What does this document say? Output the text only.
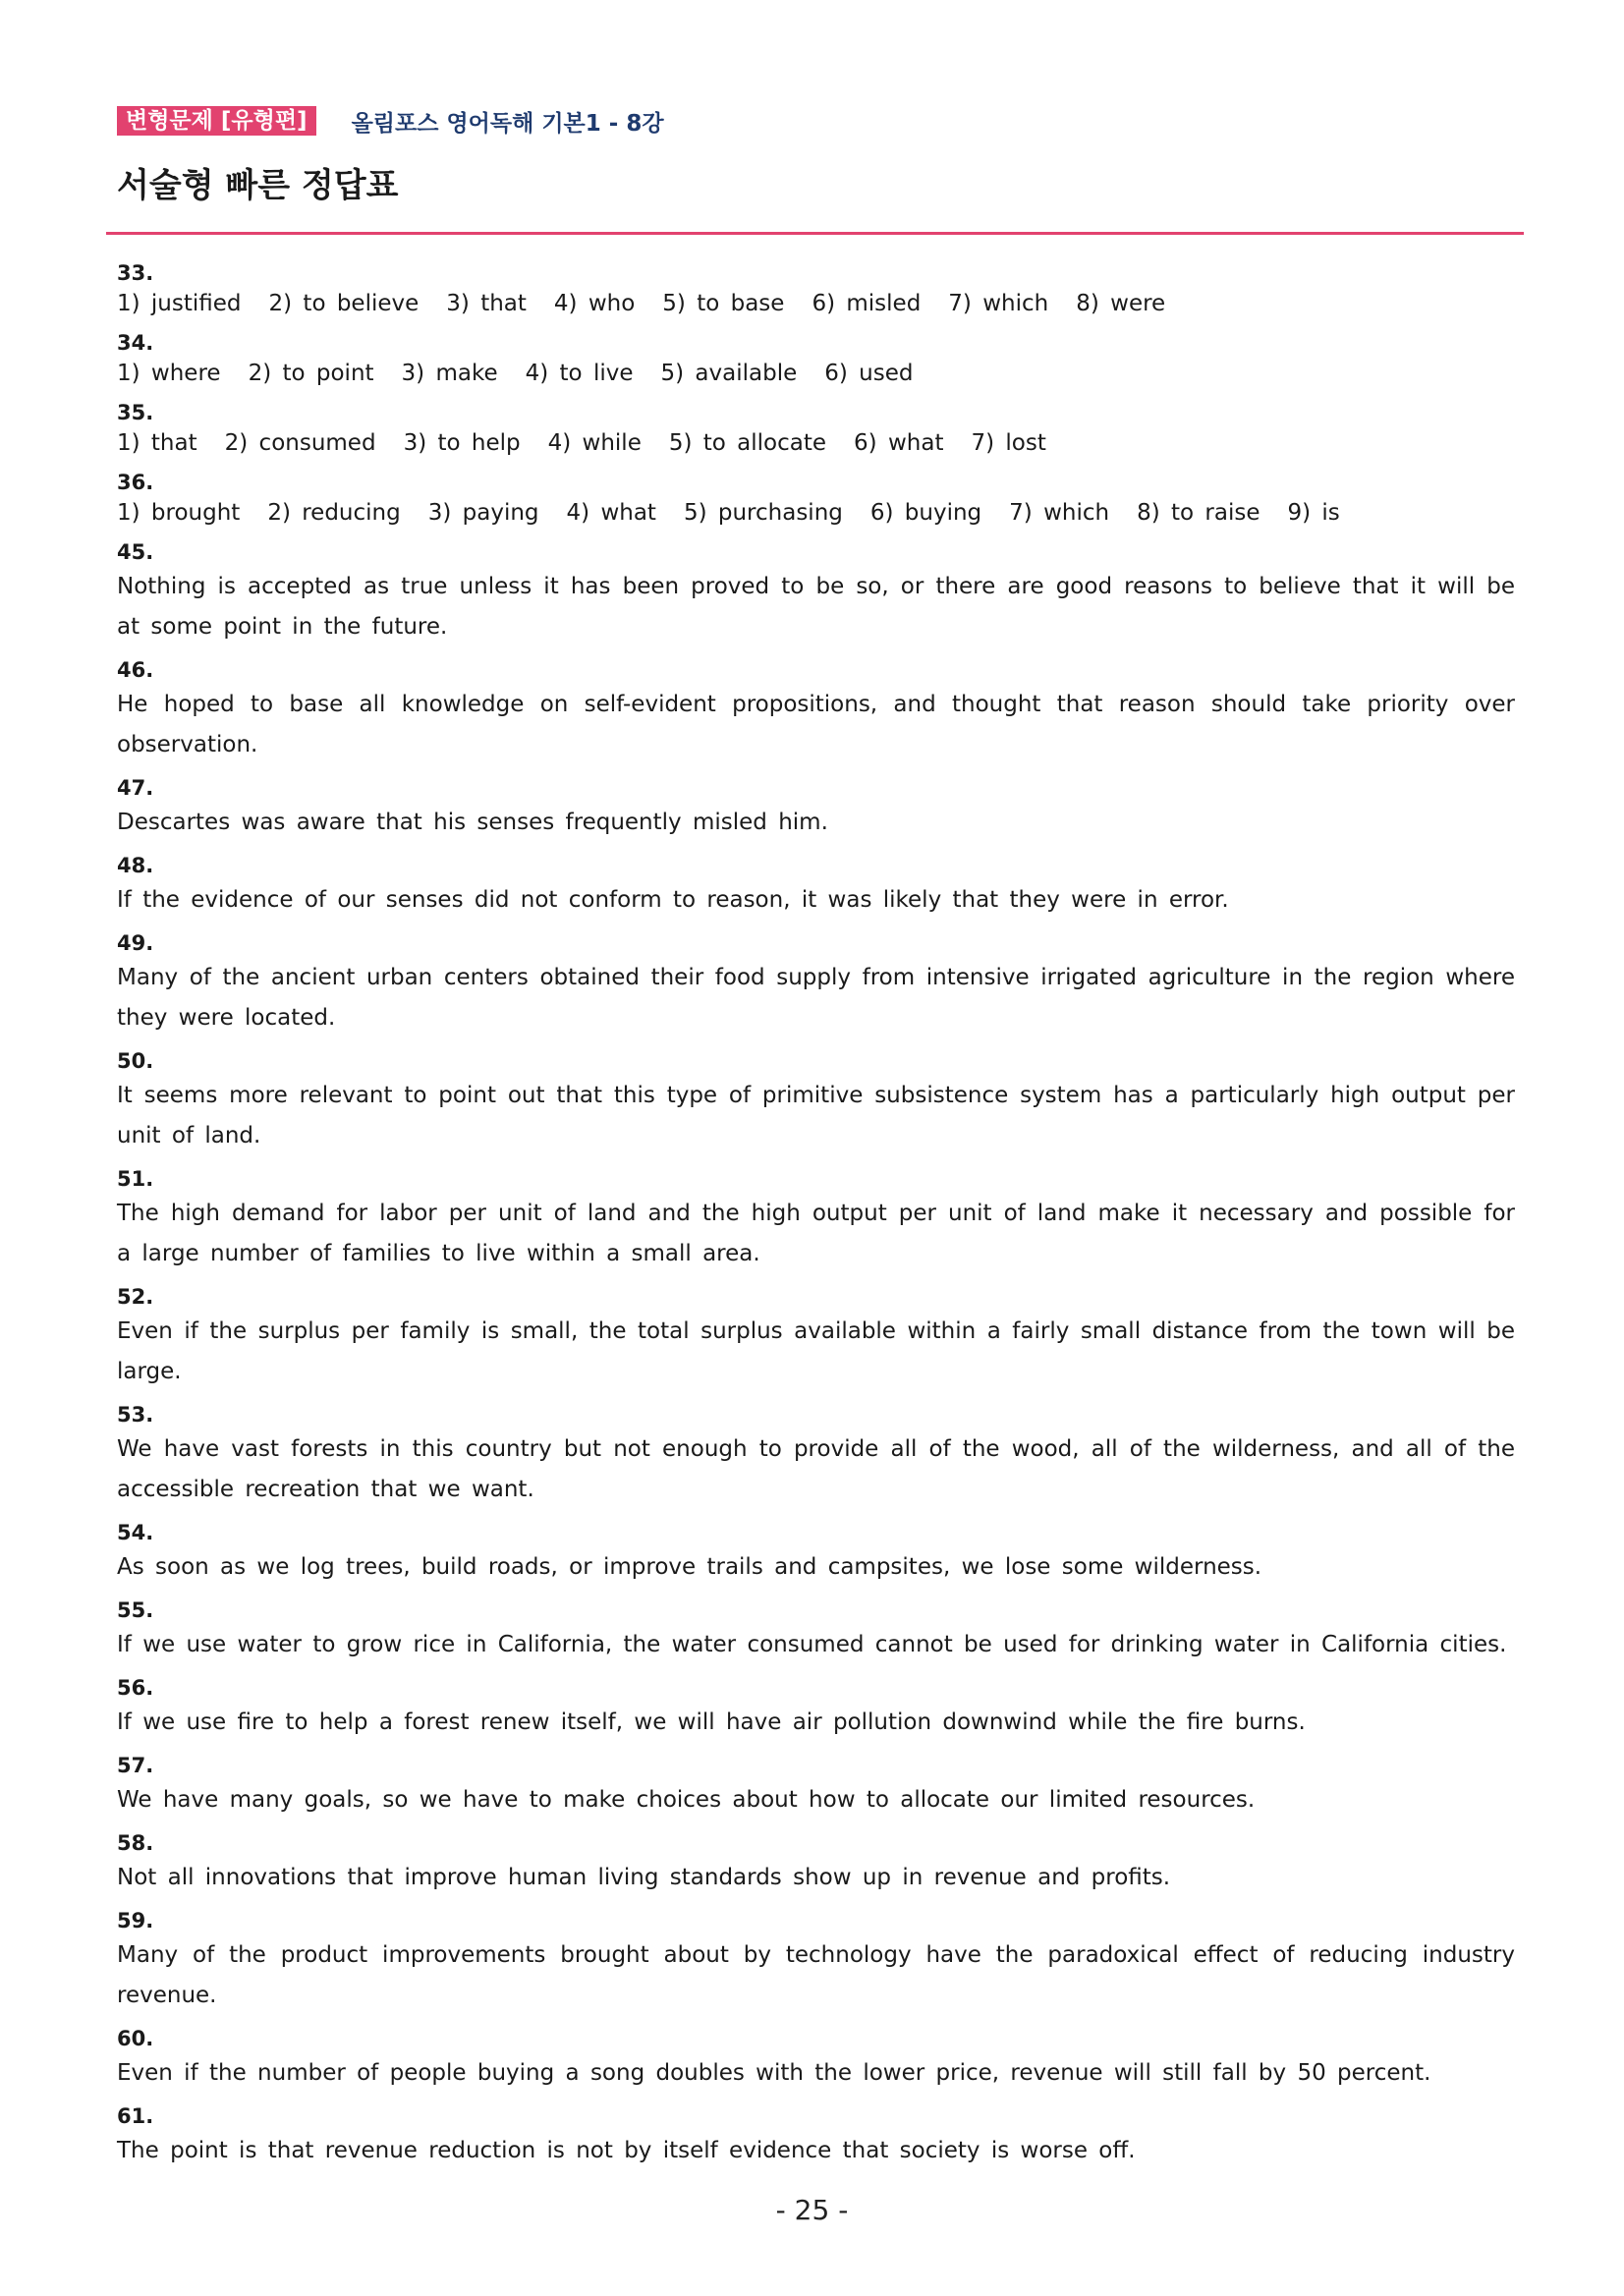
변형문제 [유형편]	올림포스 영어독해 기본1 - 8강
서술형 빠른 정답표
33.
1) justified 2) to believe 3) that 4) who 5) to base 6) misled 7) which 8) were
34.
1) where 2) to point 3) make 4) to live 5) available 6) used
35.
1) that 2) consumed 3) to help 4) while 5) to allocate 6) what 7) lost
36.
1) brought 2) reducing 3) paying 4) what 5) purchasing 6) buying 7) which 8) to raise 9) is
45.
Nothing is accepted as true unless it has been proved to be so, or there are good reasons to believe that it will be at some point in the future.
46.
He hoped to base all knowledge on self-evident propositions, and thought that reason should take priority over observation.
47.
Descartes was aware that his senses frequently misled him.
48.
If the evidence of our senses did not conform to reason, it was likely that they were in error.
49.
Many of the ancient urban centers obtained their food supply from intensive irrigated agriculture in the region where they were located.
50.
It seems more relevant to point out that this type of primitive subsistence system has a particularly high output per unit of land.
51.
The high demand for labor per unit of land and the high output per unit of land make it necessary and possible for a large number of families to live within a small area.
52.
Even if the surplus per family is small, the total surplus available within a fairly small distance from the town will be large.
53.
We have vast forests in this country but not enough to provide all of the wood, all of the wilderness, and all of the accessible recreation that we want.
54.
As soon as we log trees, build roads, or improve trails and campsites, we lose some wilderness.
55.
If we use water to grow rice in California, the water consumed cannot be used for drinking water in California cities.
56.
If we use fire to help a forest renew itself, we will have air pollution downwind while the fire burns.
57.
We have many goals, so we have to make choices about how to allocate our limited resources.
58.
Not all innovations that improve human living standards show up in revenue and profits.
59.
Many of the product improvements brought about by technology have the paradoxical effect of reducing industry revenue.
60.
Even if the number of people buying a song doubles with the lower price, revenue will still fall by 50 percent.
61.
The point is that revenue reduction is not by itself evidence that society is worse off.
- 25 -
